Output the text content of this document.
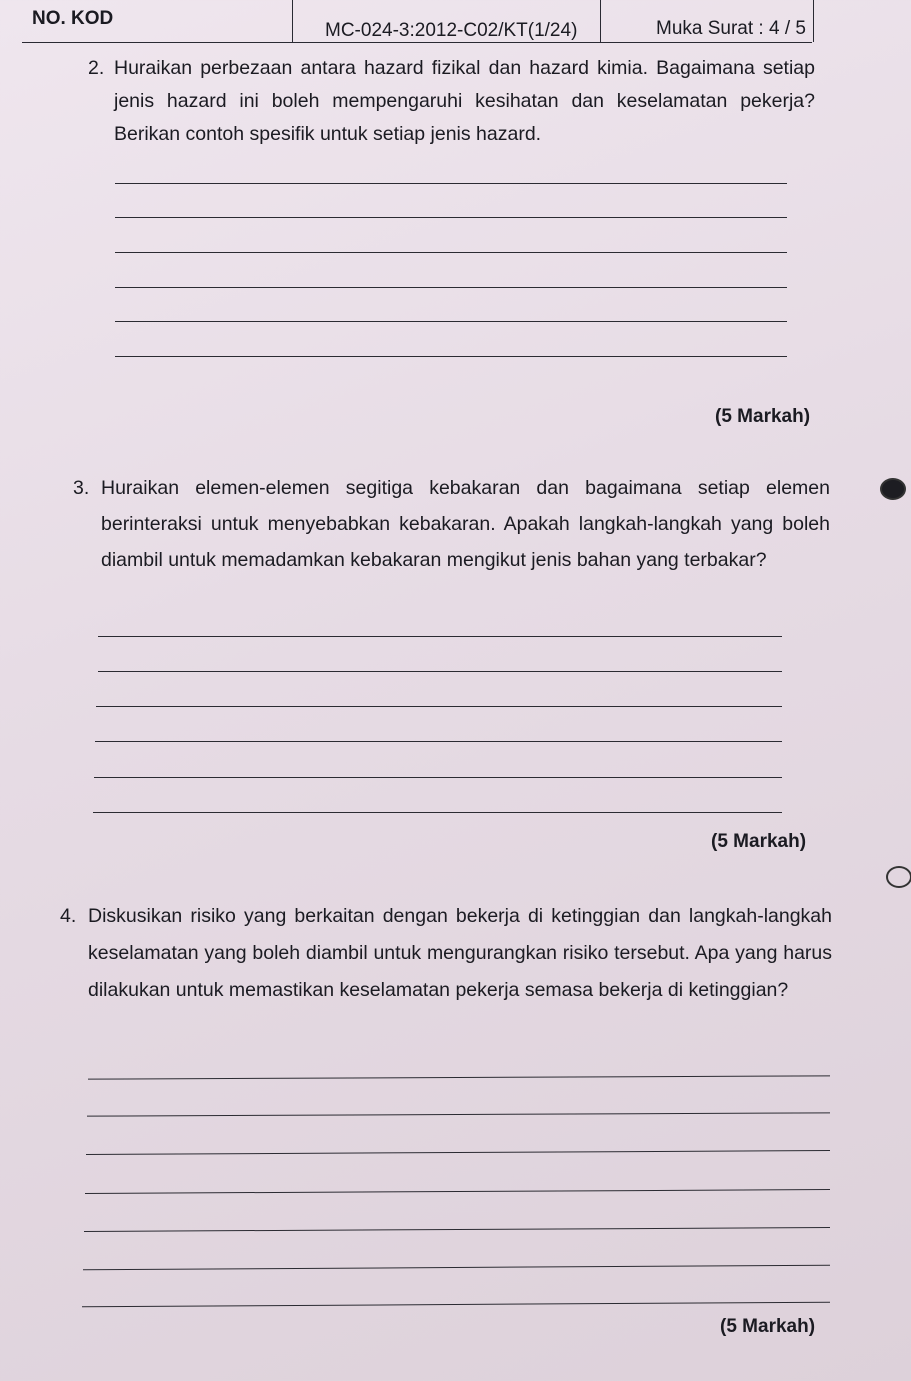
NO. KOD
MC-024-3:2012-C02/KT(1/24)	Muka Surat : 4 / 5
2. Huraikan perbezaan antara hazard fizikal dan hazard kimia. Bagaimana setiap jenis hazard ini boleh mempengaruhi kesihatan dan keselamatan pekerja? Berikan contoh spesifik untuk setiap jenis hazard.
(5 Markah)
3. Huraikan elemen-elemen segitiga kebakaran dan bagaimana setiap elemen berinteraksi untuk menyebabkan kebakaran. Apakah langkah-langkah yang boleh diambil untuk memadamkan kebakaran mengikut jenis bahan yang terbakar?
(5 Markah)
4. Diskusikan risiko yang berkaitan dengan bekerja di ketinggian dan langkah-langkah keselamatan yang boleh diambil untuk mengurangkan risiko tersebut. Apa yang harus dilakukan untuk memastikan keselamatan pekerja semasa bekerja di ketinggian?
(5 Markah)
